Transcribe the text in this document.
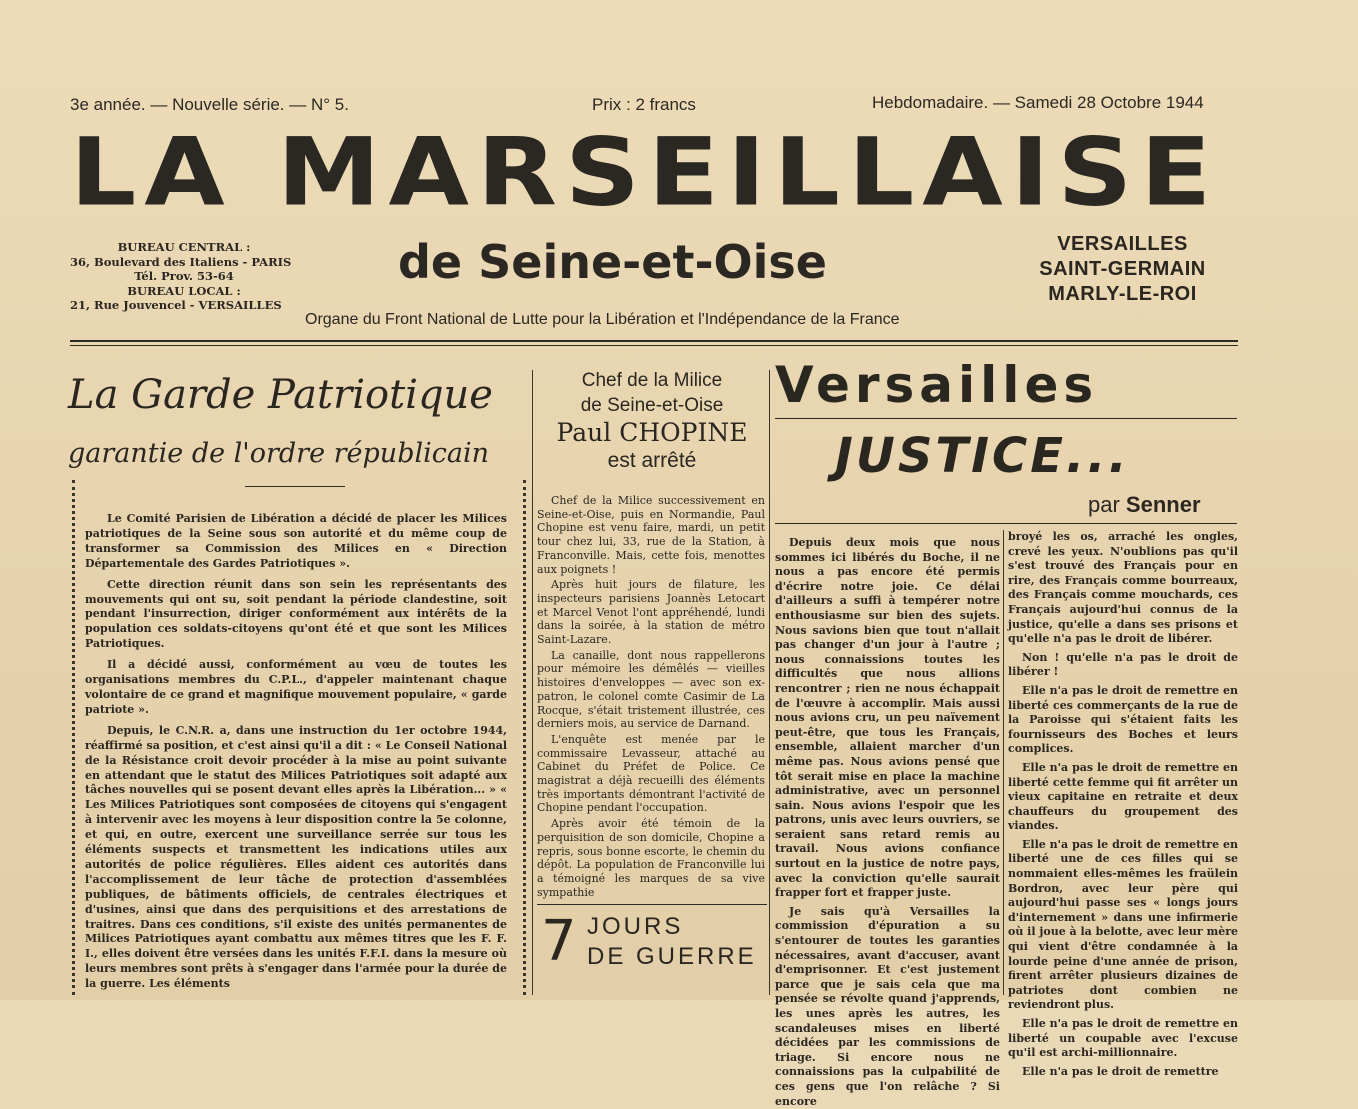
3e année. — Nouvelle série. — N° 5.	Prix : 2 francs	Hebdomadaire. — Samedi 28 Octobre 1944
LA MARSEILLAISE
BUREAU CENTRAL :
36, Boulevard des Italiens - PARIS
Tél. Prov. 53-64
BUREAU LOCAL :
21, Rue Jouvencel - VERSAILLES
de Seine-et-Oise	VERSAILLES
SAINT-GERMAIN
MARLY-LE-ROI
Organe du Front National de Lutte pour la Libération et l'Indépendance de la France
La Garde Patriotique
garantie de l'ordre républicain

Le Comité Parisien de Libération a décidé de placer les Milices patriotiques de la Seine sous son autorité et du même coup de transformer sa Commission des Milices en « Direction Départementale des Gardes Patriotiques ».

Cette direction réunit dans son sein les représentants des mouvements qui ont su, soit pendant la période clandestine, soit pendant l'insurrection, diriger conformément aux intérêts de la population ces soldats-citoyens qu'ont été et que sont les Milices Patriotiques.

Il a décidé aussi, conformément au vœu de toutes les organisations membres du C.P.L., d'appeler maintenant chaque volontaire de ce grand et magnifique mouvement populaire, « garde patriote ».

Depuis, le C.N.R. a, dans une instruction du 1er octobre 1944, réaffirmé sa position, et c'est ainsi qu'il a dit : « Le Conseil National de la Résistance croit devoir procéder à la mise au point suivante en attendant que le statut des Milices Patriotiques soit adapté aux tâches nouvelles qui se posent devant elles après la Libération... » « Les Milices Patriotiques sont composées de citoyens qui s'engagent à intervenir avec les moyens à leur disposition contre la 5e colonne, et qui, en outre, exercent une surveillance serrée sur tous les éléments suspects et transmettent les indications utiles aux autorités de police régulières. Elles aident ces autorités dans l'accomplissement de leur tâche de protection d'assemblées publiques, de bâtiments officiels, de centrales électriques et d'usines, ainsi que dans des perquisitions et des arrestations de traitres. Dans ces conditions, s'il existe des unités permanentes de Milices Patriotiques ayant combattu aux mêmes titres que les F. F. I., elles doivent être versées dans les unités F.F.I. dans la mesure où leurs membres sont prêts à s'engager dans l'armée pour la durée de la guerre. Les éléments

Chef de la Milice
de Seine-et-Oise
Paul CHOPINE
est arrêté

Chef de la Milice successivement en Seine-et-Oise, puis en Normandie, Paul Chopine est venu faire, mardi, un petit tour chez lui, 33, rue de la Station, à Franconville. Mais, cette fois, menottes aux poignets !

Après huit jours de filature, les inspecteurs parisiens Joannès Letocart et Marcel Venot l'ont appréhendé, lundi dans la soirée, à la station de métro Saint-Lazare.

La canaille, dont nous rappellerons pour mémoire les démêlés — vieilles histoires d'enveloppes — avec son ex-patron, le colonel comte Casimir de La Rocque, s'était tristement illustrée, ces derniers mois, au service de Darnand.

L'enquête est menée par le commissaire Levasseur, attaché au Cabinet du Préfet de Police. Ce magistrat a déjà recueilli des éléments très importants démontrant l'activité de Chopine pendant l'occupation.

Après avoir été témoin de la perquisition de son domicile, Chopine a repris, sous bonne escorte, le chemin du dépôt. La population de Franconville lui a témoigné les marques de sa vive sympathie

7 JOURS
DE GUERRE
Versailles
JUSTICE...
par Senner

Depuis deux mois que nous sommes ici libérés du Boche, il ne nous a pas encore été permis d'écrire notre joie. Ce délai d'ailleurs a suffi à tempérer notre enthousiasme sur bien des sujets. Nous savions bien que tout n'allait pas changer d'un jour à l'autre ; nous connaissions toutes les difficultés que nous allions rencontrer ; rien ne nous échappait de l'œuvre à accomplir. Mais aussi nous avions cru, un peu naïvement peut-être, que tous les Français, ensemble, allaient marcher d'un même pas. Nous avions pensé que tôt serait mise en place la machine administrative, avec un personnel sain. Nous avions l'espoir que les patrons, unis avec leurs ouvriers, se seraient sans retard remis au travail. Nous avions confiance surtout en la justice de notre pays, avec la conviction qu'elle saurait frapper fort et frapper juste.

Je sais qu'à Versailles la commission d'épuration a su s'entourer de toutes les garanties nécessaires, avant d'accuser, avant d'emprisonner. Et c'est justement parce que je sais cela que ma pensée se révolte quand j'apprends, les unes après les autres, les scandaleuses mises en liberté décidées par les commissions de triage. Si encore nous ne connaissions pas la culpabilité de ces gens que l'on relâche ? Si encore

broyé les os, arraché les ongles, crevé les yeux. N'oublions pas qu'il s'est trouvé des Français pour en rire, des Français comme bourreaux, des Français comme mouchards, ces Français aujourd'hui connus de la justice, qu'elle a dans ses prisons et qu'elle n'a pas le droit de libérer.

Non ! qu'elle n'a pas le droit de libérer !

Elle n'a pas le droit de remettre en liberté ces commerçants de la rue de la Paroisse qui s'étaient faits les fournisseurs des Boches et leurs complices.

Elle n'a pas le droit de remettre en liberté cette femme qui fit arrêter un vieux capitaine en retraite et deux chauffeurs du groupement des viandes.

Elle n'a pas le droit de remettre en liberté une de ces filles qui se nommaient elles-mêmes les fraülein Bordron, avec leur père qui aujourd'hui passe ses « longs jours d'internement » dans une infirmerie où il joue à la belotte, avec leur mère qui vient d'être condamnée à la lourde peine d'une année de prison, firent arrêter plusieurs dizaines de patriotes dont combien ne reviendront plus.

Elle n'a pas le droit de remettre en liberté un coupable avec l'excuse qu'il est archi-millionnaire.

Elle n'a pas le droit de remettre
